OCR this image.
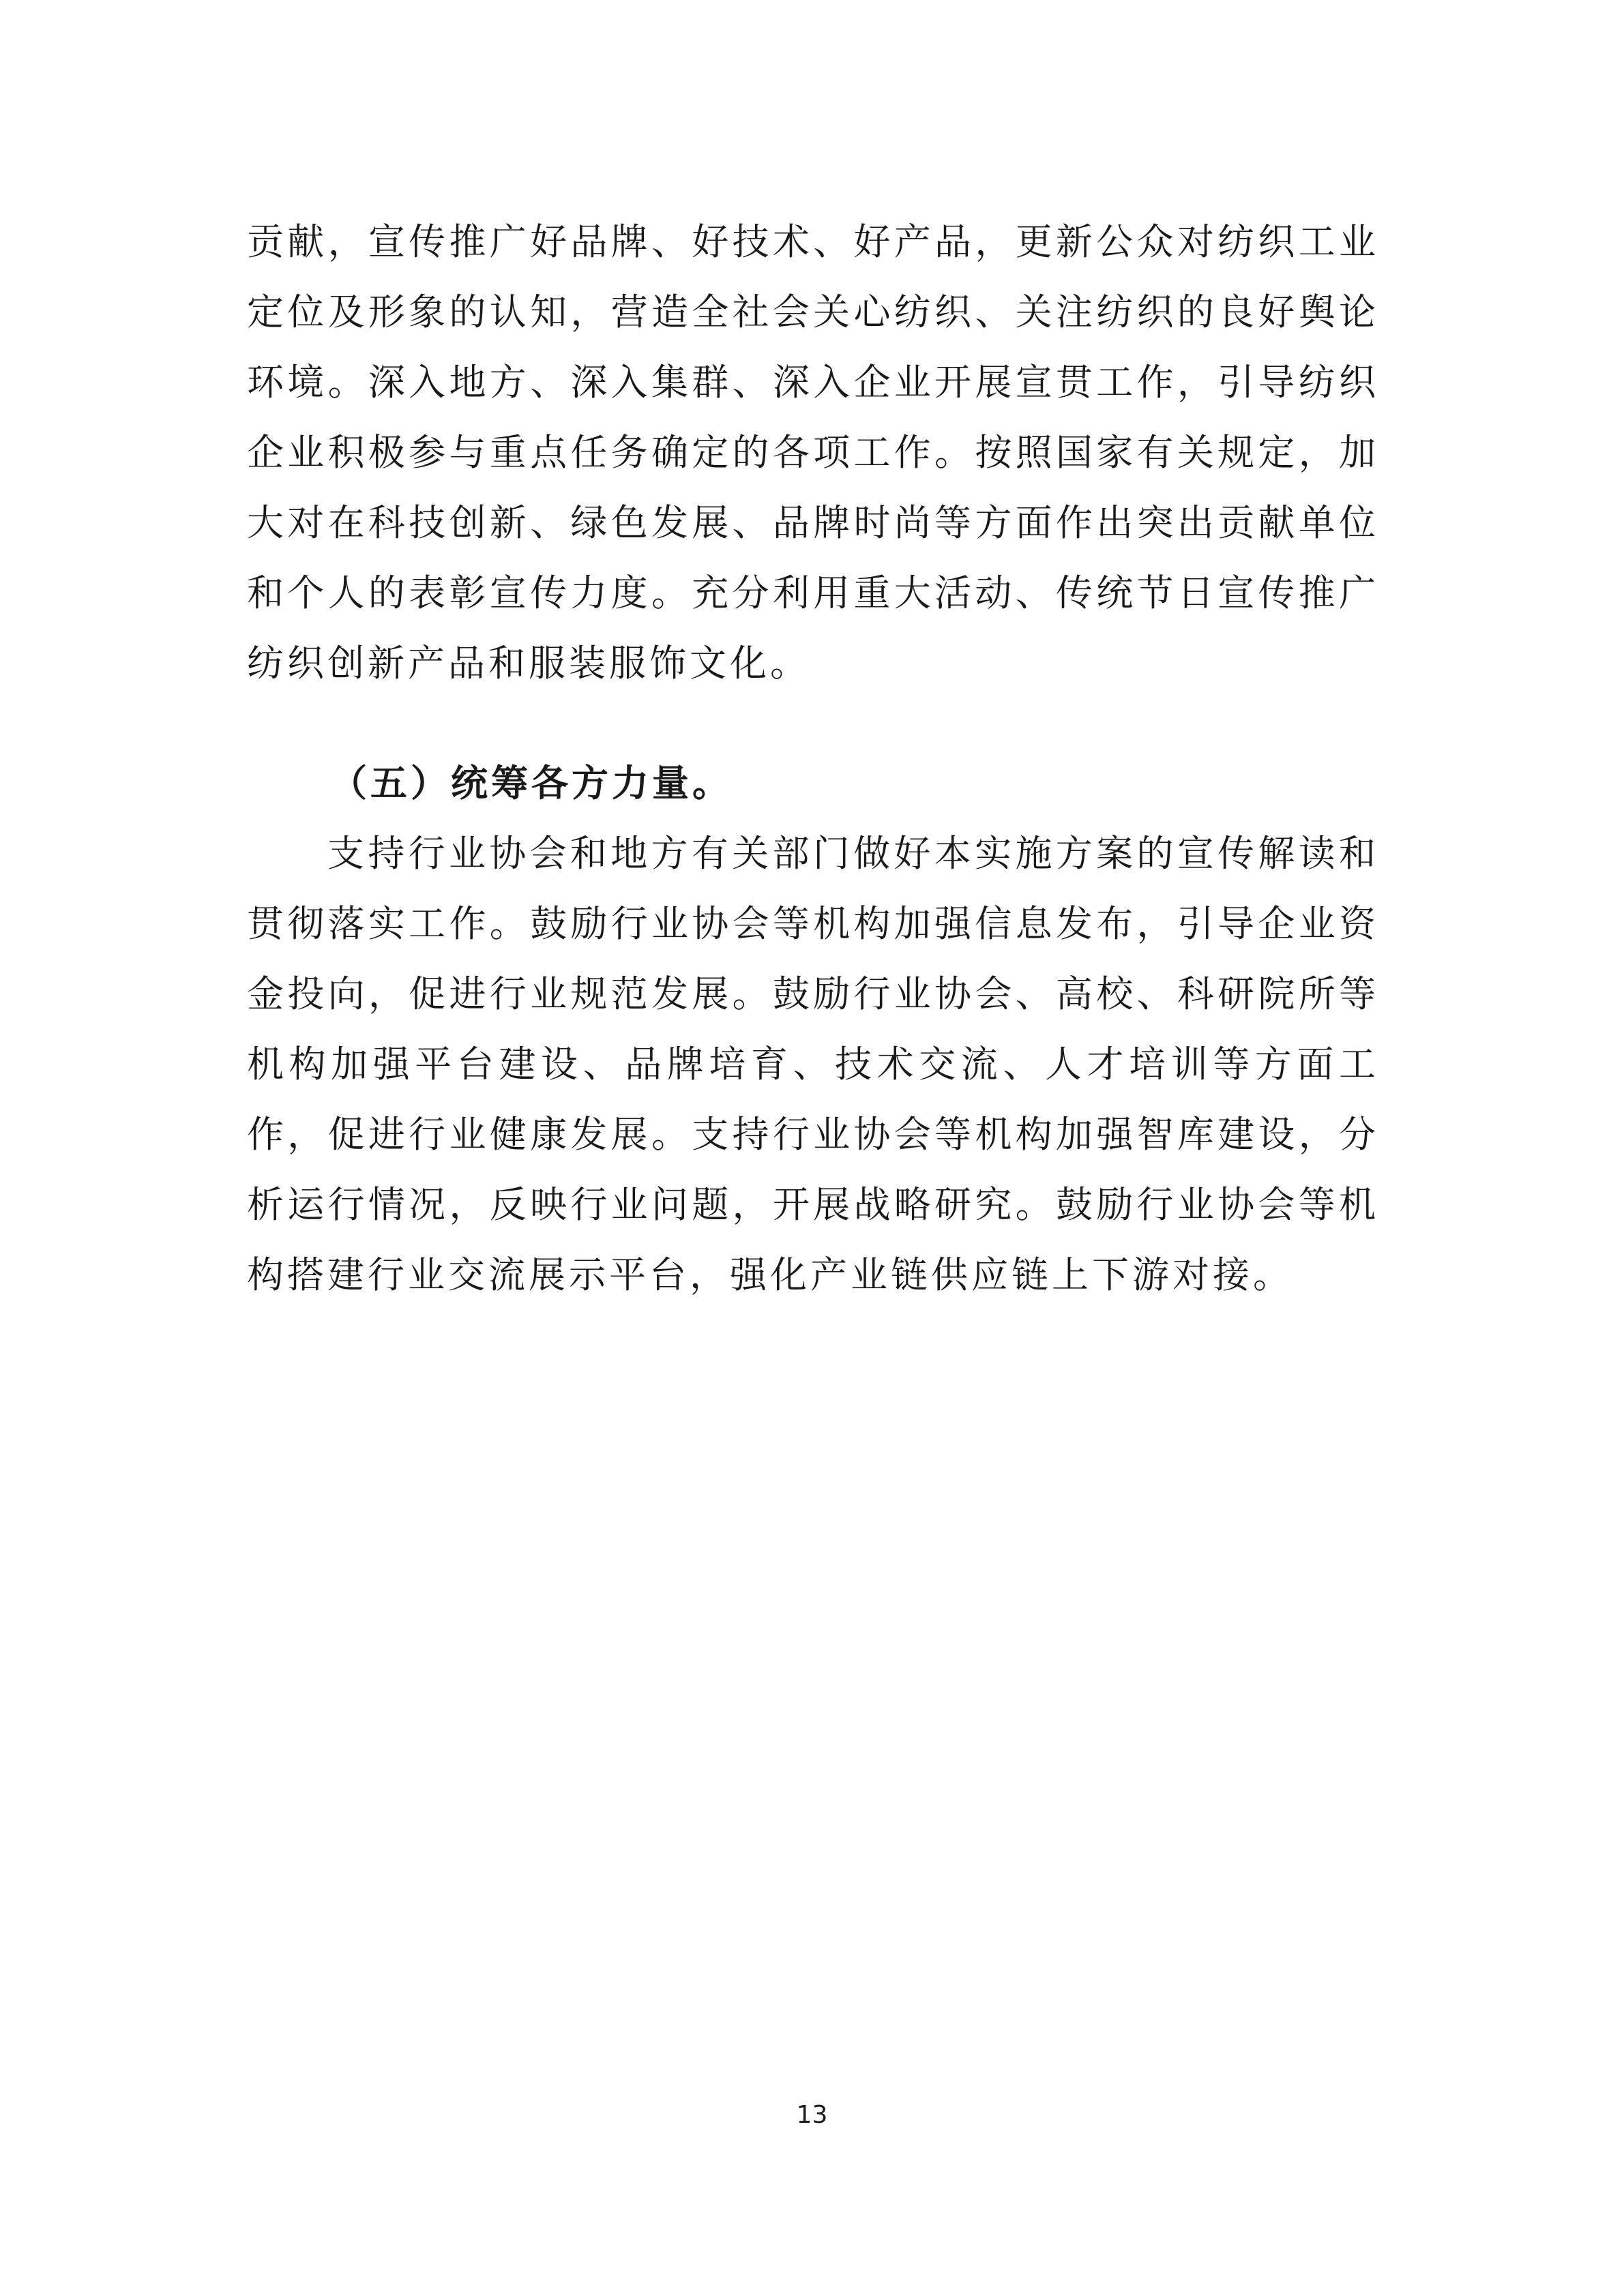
贡献，宣传推广好品牌、好技术、好产品，更新公众对纺织工业定位及形象的认知，营造全社会关心纺织、关注纺织的良好舆论环境。深入地方、深入集群、深入企业开展宣贯工作，引导纺织企业积极参与重点任务确定的各项工作。按照国家有关规定，加大对在科技创新、绿色发展、品牌时尚等方面作出突出贡献单位和个人的表彰宣传力度。充分利用重大活动、传统节日宣传推广纺织创新产品和服装服饰文化。

（五）统筹各方力量。

支持行业协会和地方有关部门做好本实施方案的宣传解读和贯彻落实工作。鼓励行业协会等机构加强信息发布，引导企业资金投向，促进行业规范发展。鼓励行业协会、高校、科研院所等机构加强平台建设、品牌培育、技术交流、人才培训等方面工作，促进行业健康发展。支持行业协会等机构加强智库建设，分析运行情况，反映行业问题，开展战略研究。鼓励行业协会等机构搭建行业交流展示平台，强化产业链供应链上下游对接。

13
